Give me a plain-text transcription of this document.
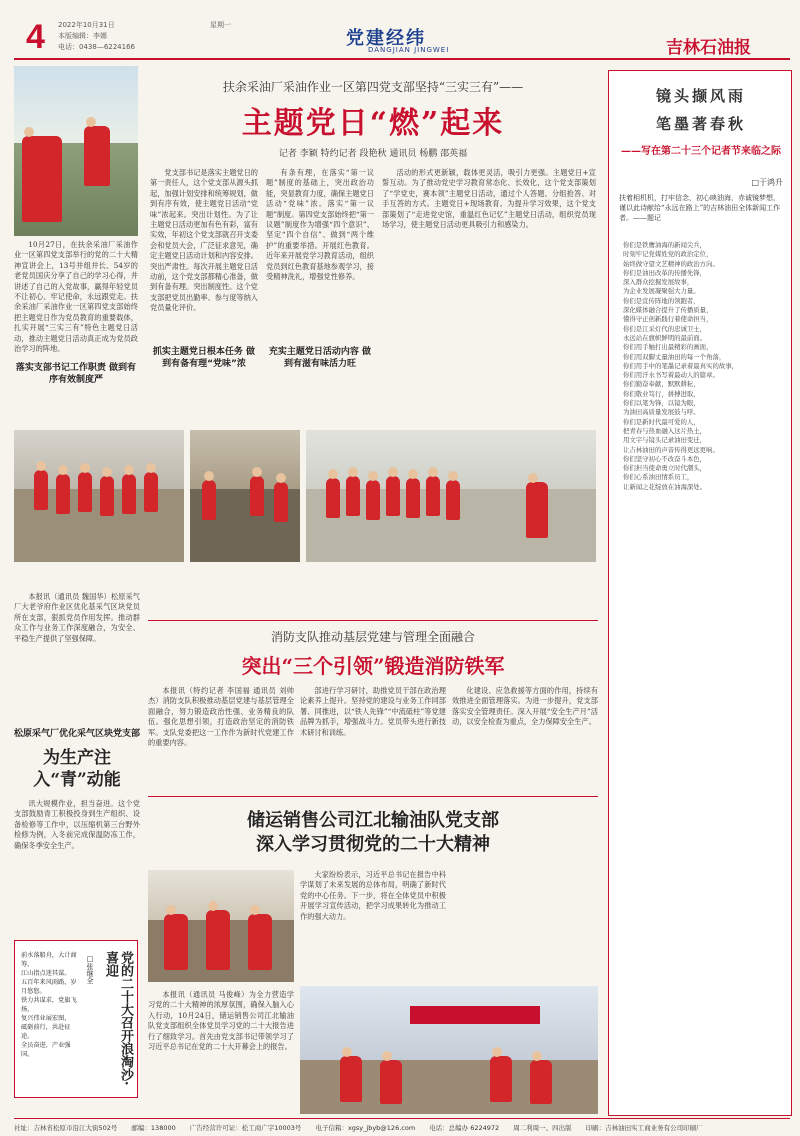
4 2022年10月31日	星期一
本版编辑：李嫄
电话：0438—6224166	党建经纬
DANGJIAN JINGWEI	吉林石油报
扶余采油厂采油作业一区第四党支部坚持“三实三有”——
主题党日“燃”起来
记者 李颖 特约记者 段艳秋 通讯员 杨鹏 邵英福

10月27日，在扶余采油厂采油作业一区第四党支部举行的党的二十大精神宣讲会上，13号井组井长、54岁的老党员国庆分享了自己的学习心得，并讲述了自己的入党故事，赢得年轻党员不让初心、牢记使命，永远跟党走。扶余采油厂采油作业一区第四党支部始终把主题党日作为党员教育的重要载体，扎实开展“三实三有”特色主题党日活动，推动主题党日活动真正成为党员政治学习的阵地。

落实支部书记工作职责 做到有序有效制度严

党支部书记是落实主题党日的第一责任人，这个党支部从源头抓起，加强计划安排和统筹规划，做到有序有效，使主题党日活动“党味”浓起来。突出计划性。为了让主题党日活动更加有色有彩，富有实效，年初这个党支部就召开支委会和党员大会，广泛征求意见，确定主题党日活动计划和内容安排。突出严肃性。每次开展主题党日活动前，这个党支部都精心准备，做到有备有理。突出制度性。这个党支部把党员出勤率、参与度等纳入党员量化评价。

有条有理，在落实“第一议题”制度的基础上，突出政治功能，突显教育力度，确保主题党日活动“党味”浓。落实“第一议题”制度。第四党支部始终把“第一议题”制度作为增强“四个意识”、坚定“四个自信”、做到“两个维护”的重要举措。开展红色教育。近年来开展党学习教育活动，组织党员到红色教育基地参观学习，接受精神洗礼，增强党性修养。

活动的形式更新颖，载体更灵活，吸引力更强。主题党日+宣誓互动。为了推动党史学习教育常态化、长效化，这个党支部策划了“学党史，赛本领”主题党日活动，通过个人答题、分组抢答、对手互答的方式。主题党日+现场教育。为提升学习效果，这个党支部策划了“走进党史馆，重温红色记忆”主题党日活动，组织党员现场学习，使主题党日活动更具吸引力和感染力。

抓实主题党日根本任务 做到有备有理“党味”浓
充实主题党日活动内容 做到有滋有味活力旺

本报讯（通讯员 魏国华）松原采气厂大老爷府作业区优化基采气区块党员所在支部，狠抓党员作用发挥。推动群众工作与业务工作深度融合，为安全、平稳生产提供了坚强保障。

松原采气厂优化采气区块党支部
为生产注入“青”动能

讯大规模作业，担当奋进。这个党支部鼓励青工积极投身到生产组织、设备检修等工作中，以压缩机第三台野外检修为例，入冬前完成保温防冻工作，确保冬季安全生产。

党的二十大召开浪淘沙·喜迎
□张继全
前水落船舟，大计商筹，
江山指点迷其谋。
五百年来风雨路，岁月悠悠。
铁力共谋求，党旗飞扬，
复兴伟业展宏图，
砥砺前行，共赴征途。
全员奋进，产业强国。
消防支队推动基层党建与管理全面融合
突出“三个引领”锻造消防铁军

本报讯（特约记者 李国福 通讯员 刘帅杰）消防支队积极推动基层党建与基层管理全面融合，努力锻造政治性强、业务精良的队伍。强化思想引领，打造政治坚定的消防铁军。支队党委把这一工作作为新时代党建工作的重要内容。

部进行学习研讨，助推党员干部在政治理论素养上提升。坚持党的建设与业务工作同部署、同推进，以“铁人先锋”“中流砥柱”等党建品牌为抓手，增强战斗力。党员带头进行新技术研讨和训练。

化建设、应急救援等方面的作用，持续有效推进全面管理落实。为进一步提升，党支部落实安全管理责任。深入开展“安全生产月”活动，以安全检查为重点，全力保障安全生产。

储运销售公司江北输油队党支部
深入学习贯彻党的二十大精神

大家纷纷表示，习近平总书记在报告中科学谋划了未来发展的总体布局，明确了新时代党的中心任务。下一步，将在全体党员中积极开展学习宣传活动，把学习成果转化为推动工作的强大动力。

本报讯（通讯员 马俊峰）为全力营造学习党的二十大精神的浓厚氛围，确保入脑入心入行动，10月24日，储运销售公司江北输油队党支部组织全体党员学习党的二十大报告进行了细致学习。首先由党支部书记带领学习了习近平总书记在党的二十大开幕会上的报告。

镜头撷风雨
笔墨著春秋
——写在第二十三个记者节来临之际
□于鸿升
扶着相机机，打牢信念，初心映油海，赤诚镜梦想，谨以此诗献给“永远在路上”的吉林油田全体新闻工作者。——题记
你们是铁鹰油海的新闻尖兵，
时刻牢记党媒姓党的政治定位，
始终做守望文艺精神的政治方向。
你们是油田改革的传播先锋，
深入群众挖掘发展故事，
为企业发展凝聚强大力量。
你们是宣传阵地的领跑者，
深化媒体融合提升了传播质量，
懂得守正创新践行着使命担当，
你们是江采灯代的忠诚卫士，
永远站在旗帜鲜明的最前面。
你们用手触打出最精彩的画面，
你们用双脚丈量油田的每一个角落，
你们用手中的笔墨记录着最真实的故事，
你们用汗水书写着最动人的篇章。
你们勤奋奉献，默默耕耘，
你们敬业笃行，拼搏进取，
你们以笔为锋，以镜为眼，
为油田高质量发展鼓与呼。
你们是新时代最可爱的人，
把青春与热血融入这片热土，
用文字与镜头记录油田变迁，
让吉林油田的声音传得更远更响。
你们坚守初心不改奋斗本色，
你们担当使命勇立时代潮头，
你们心系油田情系员工，
让新闻之花绽放在油海深处。
社址：吉林省松原市沿江大街502号 邮编：138000 广告经营许可证：松工商广字10003号 电子信箱：xgsy_jbyb@126.com 电话：总编办 6224972 周二利周一、四出版 印刷：吉林油田实工商业务有公司印刷厂
